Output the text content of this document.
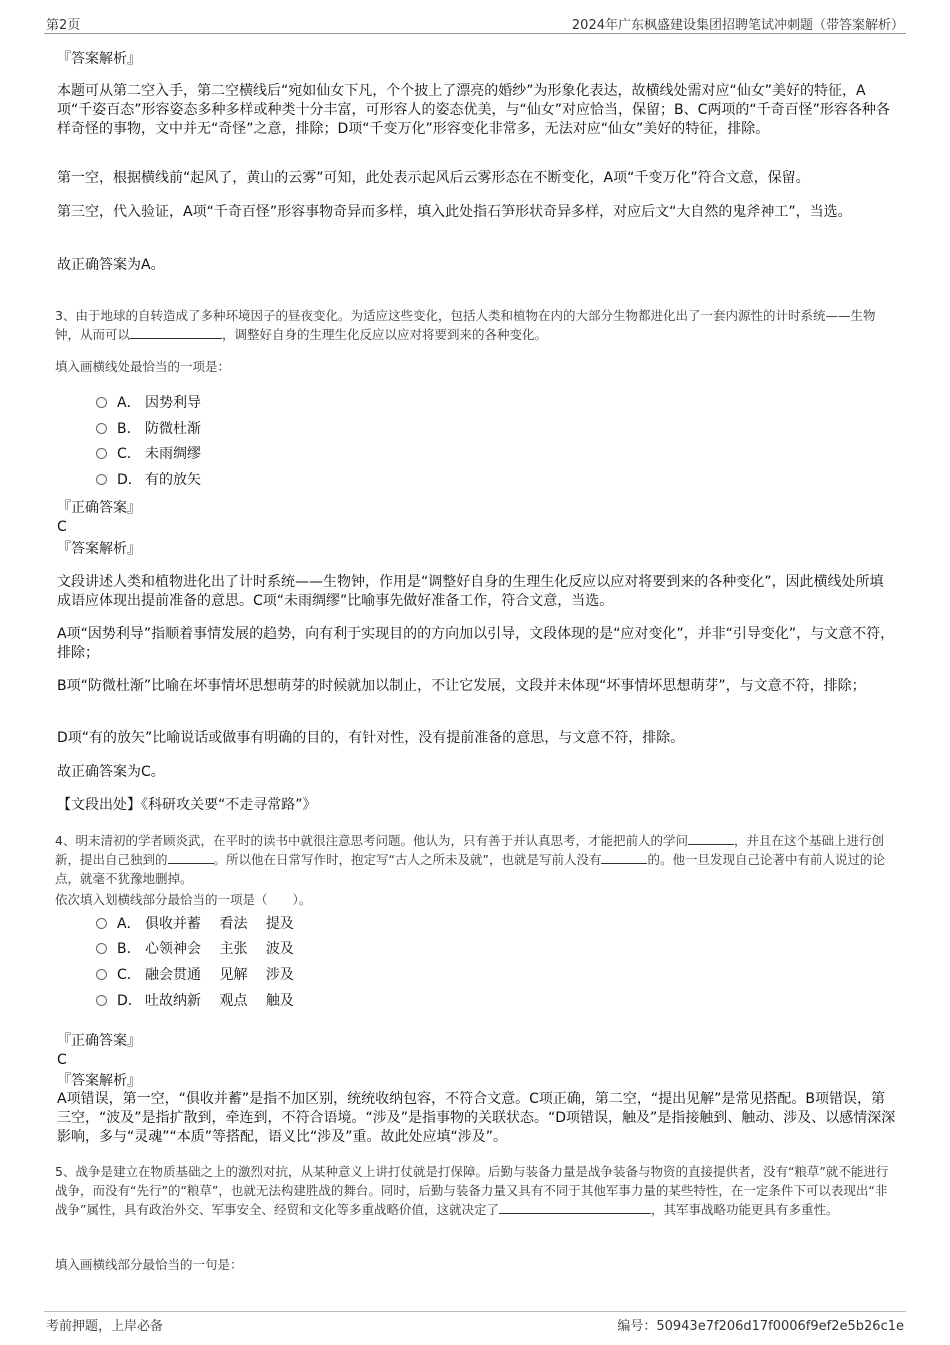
第2页	2024年广东枫盛建设集团招聘笔试冲刺题（带答案解析）
『答案解析』

本题可从第二空入手，第二空横线后“宛如仙女下凡，个个披上了漂亮的婚纱”为形象化表达，故横线处需对应“仙女”美好的特征，A项“千姿百态”形容姿态多种多样或种类十分丰富，可形容人的姿态优美，与“仙女”对应恰当，保留；B、C两项的“千奇百怪”形容各种各样奇怪的事物，文中并无“奇怪”之意，排除；D项“千变万化”形容变化非常多，无法对应“仙女”美好的特征，排除。

第一空，根据横线前“起风了，黄山的云雾”可知，此处表示起风后云雾形态在不断变化，A项“千变万化”符合文意，保留。

第三空，代入验证，A项“千奇百怪”形容事物奇异而多样，填入此处指石笋形状奇异多样，对应后文“大自然的鬼斧神工”，当选。

故正确答案为A。

3、由于地球的自转造成了多种环境因子的昼夜变化。为适应这些变化，包括人类和植物在内的大部分生物都进化出了一套内源性的计时系统——生物钟，从而可以	，调整好自身的生理生化反应以应对将要到来的各种变化。

填入画横线处最恰当的一项是：

A． 因势利导
B． 防微杜渐
C． 未雨绸缪
D． 有的放矢
『正确答案』
C
『答案解析』

文段讲述人类和植物进化出了计时系统——生物钟，作用是“调整好自身的生理生化反应以应对将要到来的各种变化”，因此横线处所填成语应体现出提前准备的意思。C项“未雨绸缪”比喻事先做好准备工作，符合文意，当选。

A项“因势利导”指顺着事情发展的趋势，向有利于实现目的的方向加以引导，文段体现的是“应对变化”，并非“引导变化”，与文意不符，排除；

B项“防微杜渐”比喻在坏事情坏思想萌芽的时候就加以制止，不让它发展，文段并未体现“坏事情坏思想萌芽”，与文意不符，排除；

D项“有的放矢”比喻说话或做事有明确的目的，有针对性，没有提前准备的意思，与文意不符，排除。

故正确答案为C。

【文段出处】《科研攻关要“不走寻常路”》

4、明末清初的学者顾炎武，在平时的读书中就很注意思考问题。他认为，只有善于并认真思考，才能把前人的学问	，并且在这个基础上进行创新，提出自己独到的	。所以他在日常写作时，抱定写“古人之所未及就”，也就是写前人没有	的。他一旦发现自己论著中有前人说过的论点，就毫不犹豫地删掉。

依次填入划横线部分最恰当的一项是（　　）。

A． 俱收并蓄　 看法　 提及
B． 心领神会　 主张　 波及
C． 融会贯通　 见解　 涉及
D． 吐故纳新　 观点　 触及
『正确答案』
C
『答案解析』

A项错误，第一空，“俱收并蓄”是指不加区别，统统收纳包容，不符合文意。C项正确，第二空，“提出见解”是常见搭配。B项错误，第三空，“波及”是指扩散到，牵连到，不符合语境。“涉及”是指事物的关联状态。“D项错误，触及”是指接触到、触动、涉及、以感情深深影响，多与“灵魂”“本质”等搭配，语义比“涉及”重。故此处应填“涉及”。

5、战争是建立在物质基础之上的激烈对抗，从某种意义上讲打仗就是打保障。后勤与装备力量是战争装备与物资的直接提供者，没有“粮草”就不能进行战争，而没有“先行”的“粮草”，也就无法构建胜战的舞台。同时，后勤与装备力量又具有不同于其他军事力量的某些特性，在一定条件下可以表现出“非战争”属性，具有政治外交、军事安全、经贸和文化等多重战略价值，这就决定了	，其军事战略功能更具有多重性。

填入画横线部分最恰当的一句是：

考前押题，上岸必备	编号：50943e7f206d17f0006f9ef2e5b26c1e
